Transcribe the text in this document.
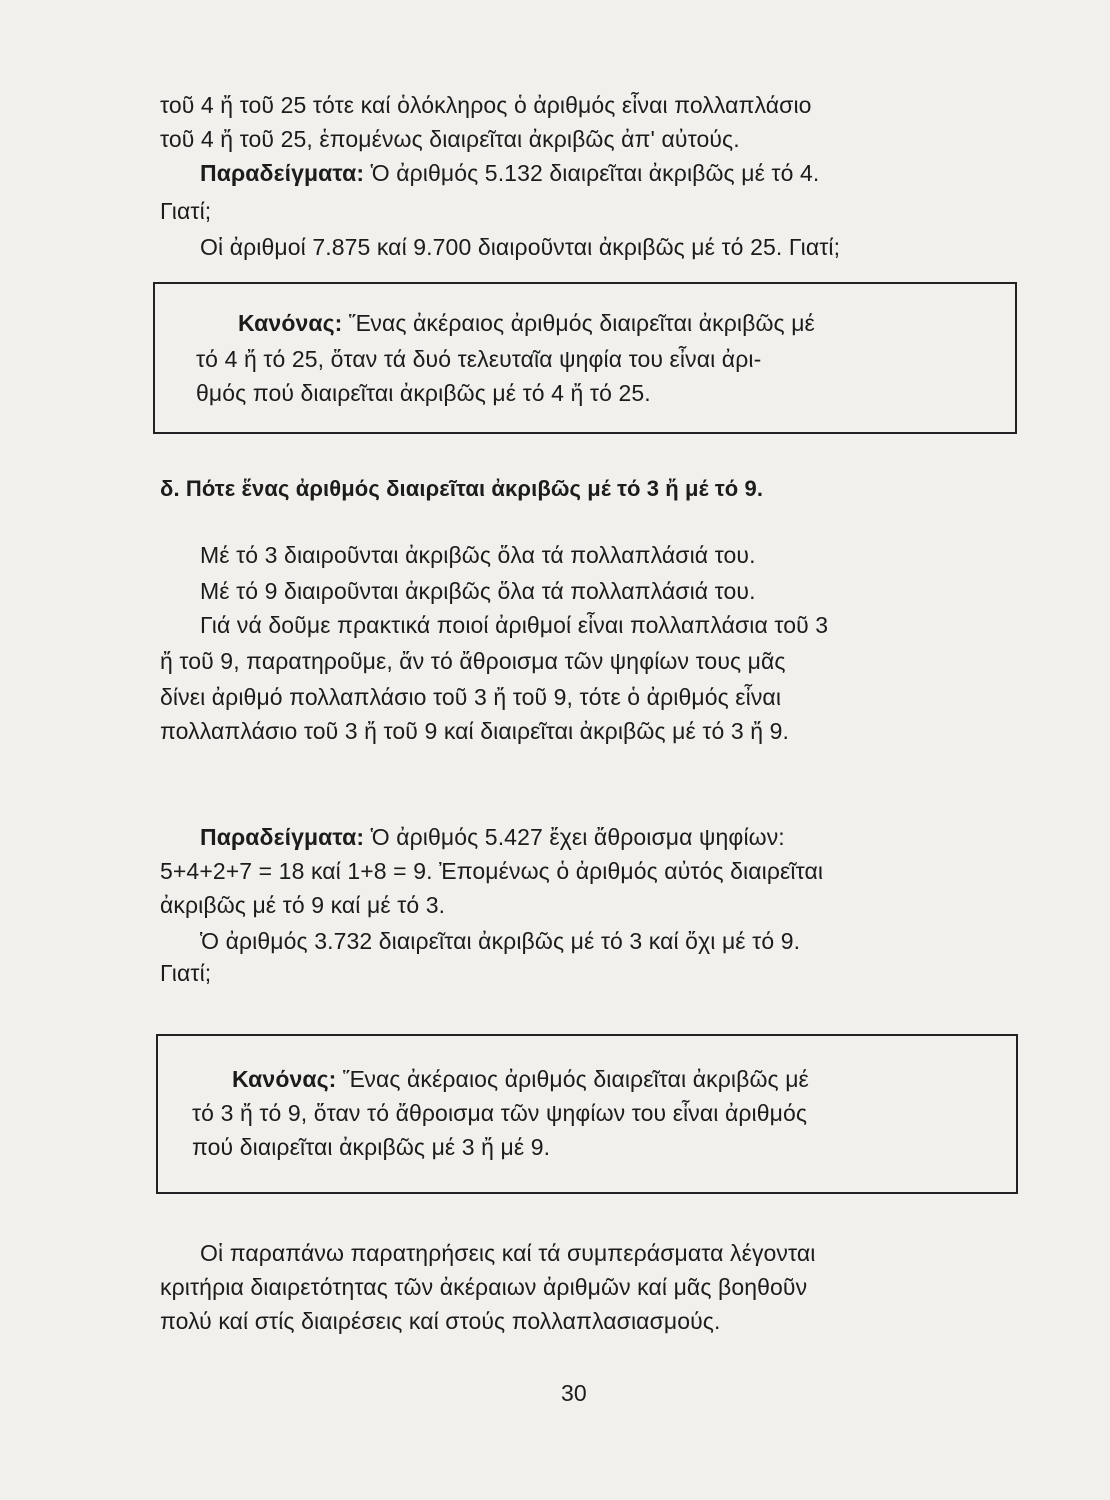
τοῦ 4 ἤ τοῦ 25 τότε καί ὁλόκληρος ὁ ἀριθμός εἶναι πολλαπλάσιο
τοῦ 4 ἤ τοῦ 25, ἑπομένως διαιρεῖται ἀκριβῶς ἀπ' αὐτούς.
Παραδείγματα: Ὁ ἀριθμός 5.132 διαιρεῖται ἀκριβῶς μέ τό 4.
Γιατί;
Οἱ ἀριθμοί 7.875 καί 9.700 διαιροῦνται ἀκριβῶς μέ τό 25. Γιατί;
Κανόνας: Ἕνας ἀκέραιος ἀριθμός διαιρεῖται ἀκριβῶς μέ
τό 4 ἤ τό 25, ὅταν τά δυό τελευταῖα ψηφία του εἶναι ἀρι-
θμός πού διαιρεῖται ἀκριβῶς μέ τό 4 ἤ τό 25.
δ. Πότε ἕνας ἀριθμός διαιρεῖται ἀκριβῶς μέ τό 3 ἤ μέ τό 9.
Μέ τό 3 διαιροῦνται ἀκριβῶς ὅλα τά πολλαπλάσιά του.
Μέ τό 9 διαιροῦνται ἀκριβῶς ὅλα τά πολλαπλάσιά του.
Γιά νά δοῦμε πρακτικά ποιοί ἀριθμοί εἶναι πολλαπλάσια τοῦ 3
ἤ τοῦ 9, παρατηροῦμε, ἄν τό ἄθροισμα τῶν ψηφίων τους μᾶς
δίνει ἀριθμό πολλαπλάσιο τοῦ 3 ἤ τοῦ 9, τότε ὁ ἀριθμός εἶναι
πολλαπλάσιο τοῦ 3 ἤ τοῦ 9 καί διαιρεῖται ἀκριβῶς μέ τό 3 ἤ 9.
Παραδείγματα: Ὁ ἀριθμός 5.427 ἔχει ἄθροισμα ψηφίων:
5+4+2+7 = 18 καί 1+8 = 9. Ἐπομένως ὁ ἀριθμός αὐτός διαιρεῖται
ἀκριβῶς μέ τό 9 καί μέ τό 3.
Ὁ ἀριθμός 3.732 διαιρεῖται ἀκριβῶς μέ τό 3 καί ὄχι μέ τό 9.
Γιατί;
Κανόνας: Ἕνας ἀκέραιος ἀριθμός διαιρεῖται ἀκριβῶς μέ
τό 3 ἤ τό 9, ὅταν τό ἄθροισμα τῶν ψηφίων του εἶναι ἀριθμός
πού διαιρεῖται ἀκριβῶς μέ 3 ἤ μέ 9.
Οἱ παραπάνω παρατηρήσεις καί τά συμπεράσματα λέγονται
κριτήρια διαιρετότητας τῶν ἀκέραιων ἀριθμῶν καί μᾶς βοηθοῦν
πολύ καί στίς διαιρέσεις καί στούς πολλαπλασιασμούς.
30
